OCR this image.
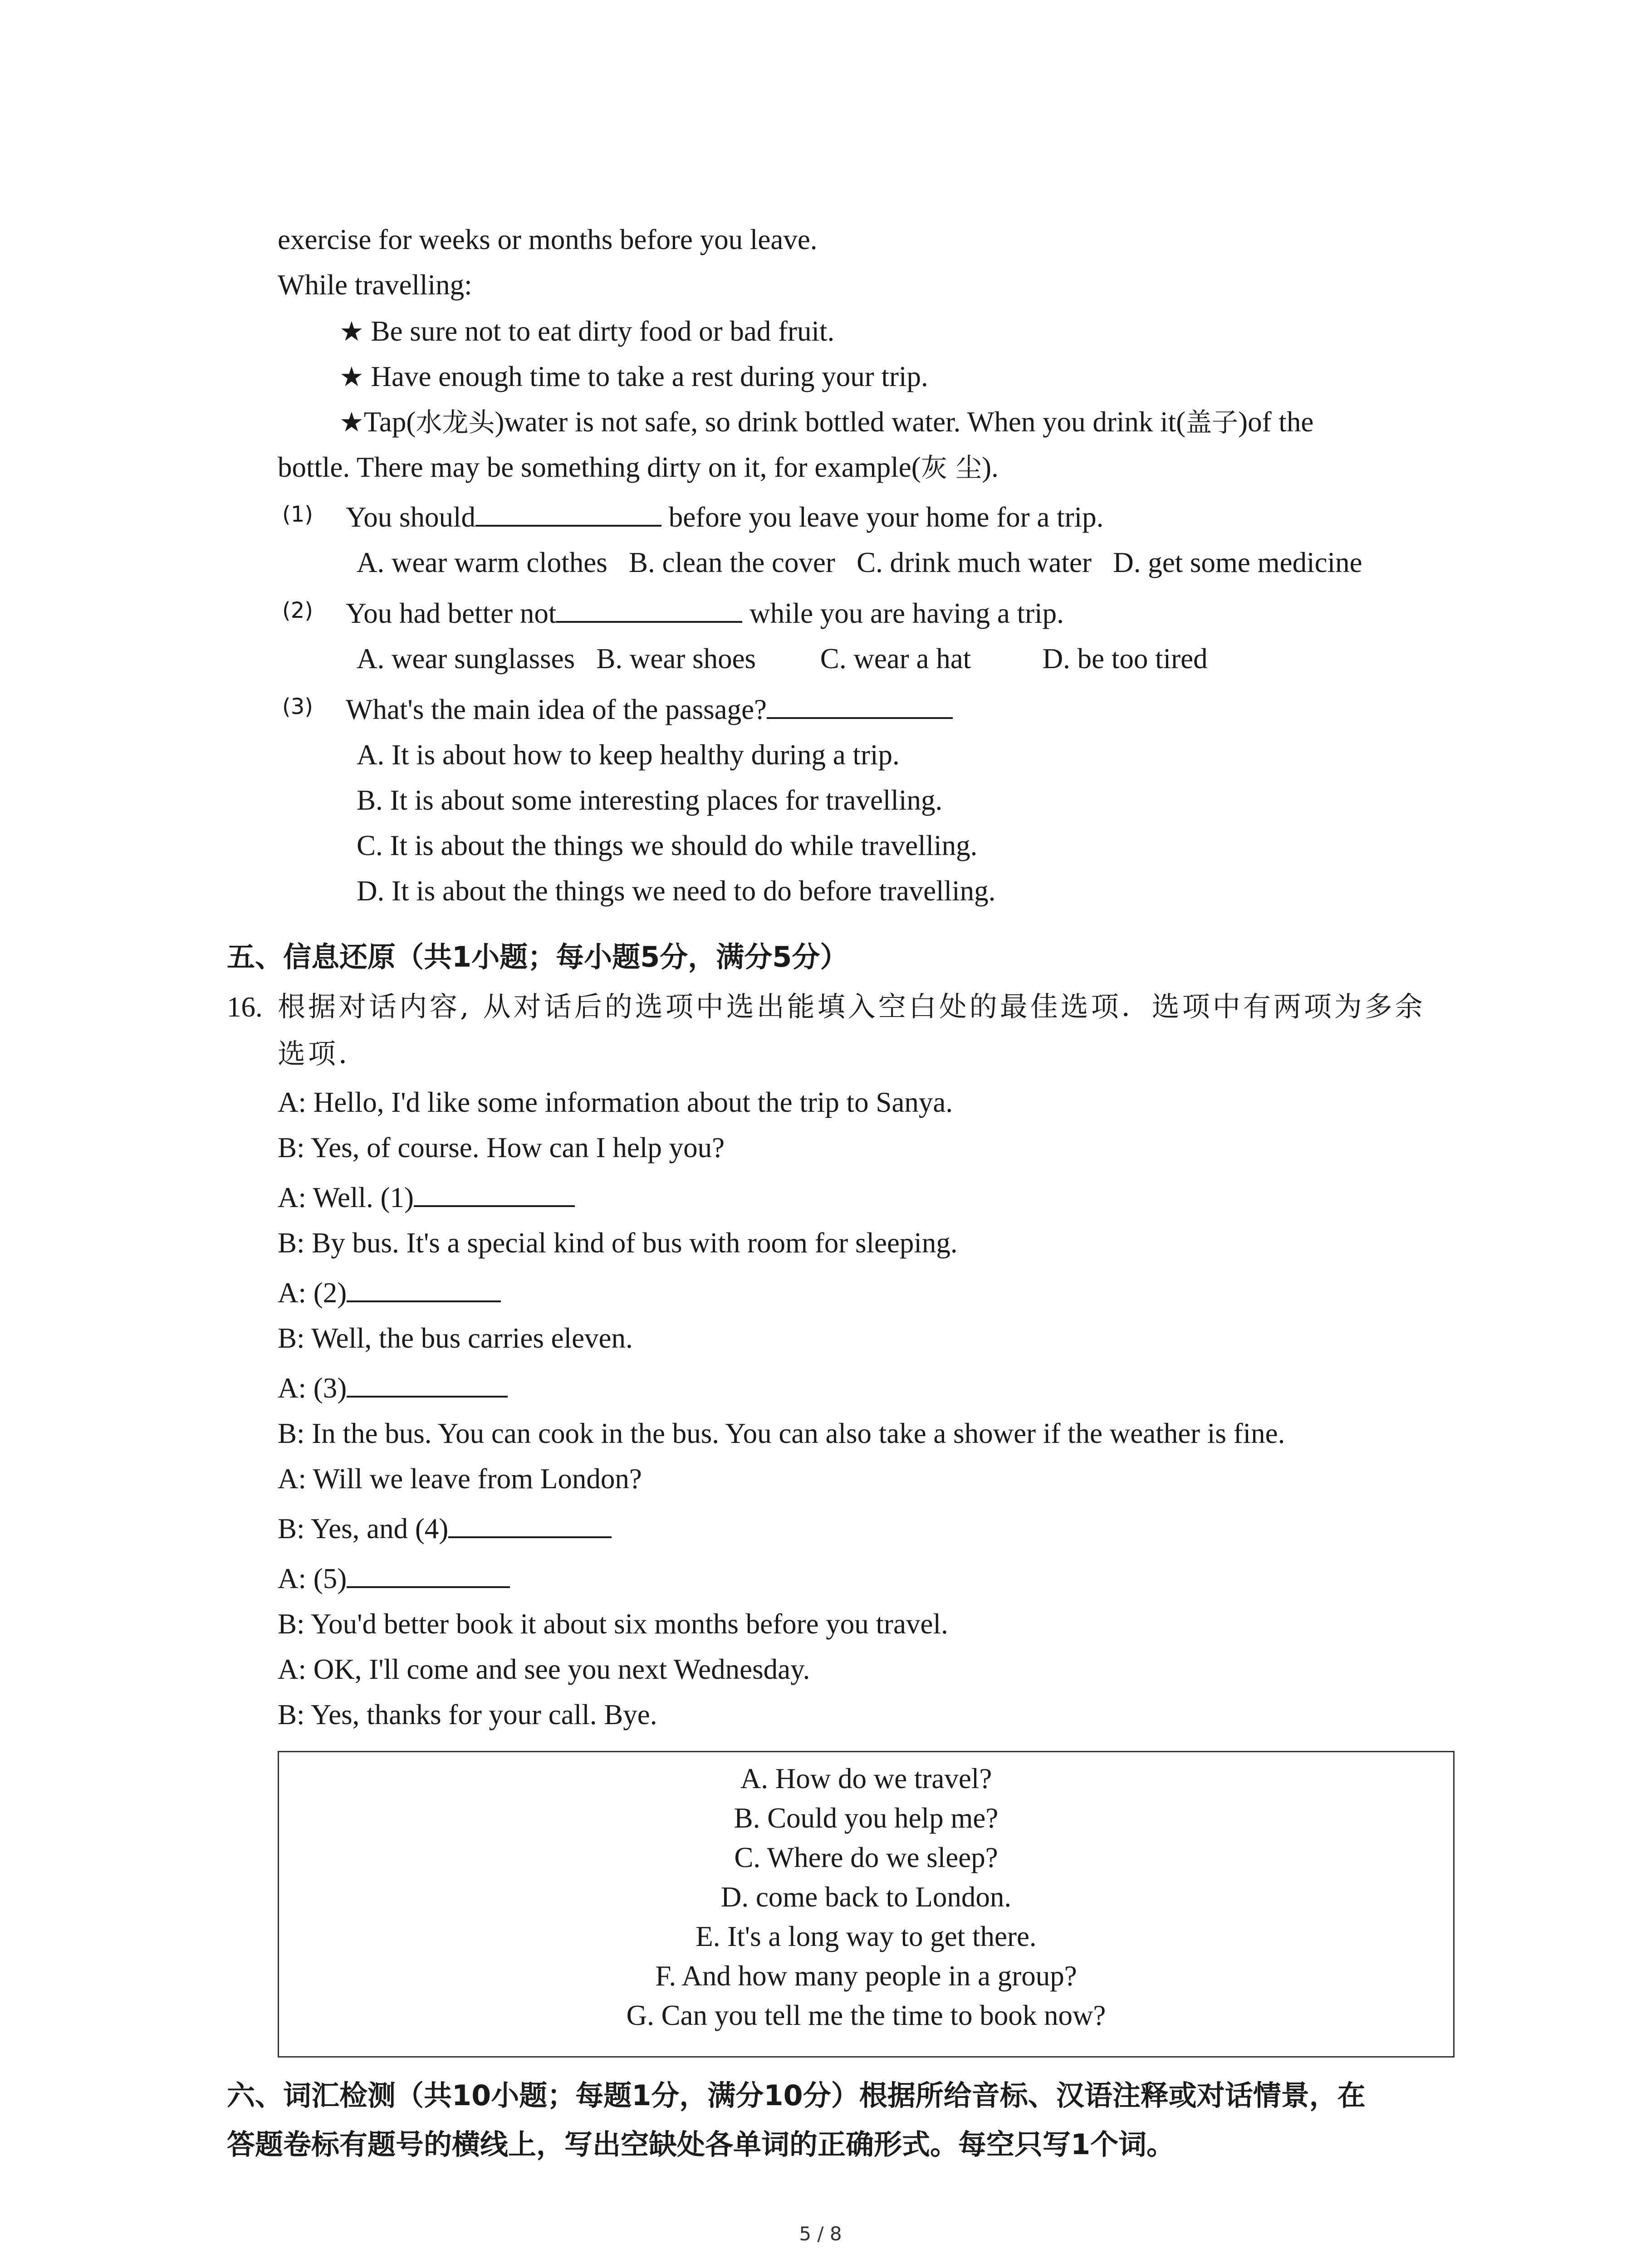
exercise for weeks or months before you leave.
While travelling:
★ Be sure not to eat dirty food or bad fruit.
★ Have enough time to take a rest during your trip.
★Tap(水龙头)water is not safe, so drink bottled water. When you drink it(盖子)of the
bottle. There may be something dirty on it, for example(灰 尘).
(1) You should	before you leave your home for a trip.
A. wear warm clothes   B. clean the cover   C. drink much water   D. get some medicine
(2) You had better not	while you are having a trip.
A. wear sunglasses   B. wear shoes         C. wear a hat          D. be too tired
(3) What's the main idea of the passage?
A. It is about how to keep healthy during a trip.
B. It is about some interesting places for travelling.
C. It is about the things we should do while travelling.
D. It is about the things we need to do before travelling.
五、信息还原（共1小题；每小题5分，满分5分）
16. 根据对话内容, 从对话后的选项中选出能填入空白处的最佳选项．选项中有两项为多余
选项．
A: Hello, I'd like some information about the trip to Sanya.
B: Yes, of course. How can I help you?
A: Well. (1)
B: By bus. It's a special kind of bus with room for sleeping.
A: (2)
B: Well, the bus carries eleven.
A: (3)
B: In the bus. You can cook in the bus. You can also take a shower if the weather is fine.
A: Will we leave from London?
B: Yes, and (4)
A: (5)
B: You'd better book it about six months before you travel.
A: OK, I'll come and see you next Wednesday.
B: Yes, thanks for your call. Bye.
A. How do we travel?
B. Could you help me?
C. Where do we sleep?
D. come back to London.
E. It's a long way to get there.
F. And how many people in a group?
G. Can you tell me the time to book now?
六、词汇检测（共10小题；每题1分，满分10分）根据所给音标、汉语注释或对话情景，在
答题卷标有题号的横线上，写出空缺处各单词的正确形式。每空只写1个词。
5 / 8
